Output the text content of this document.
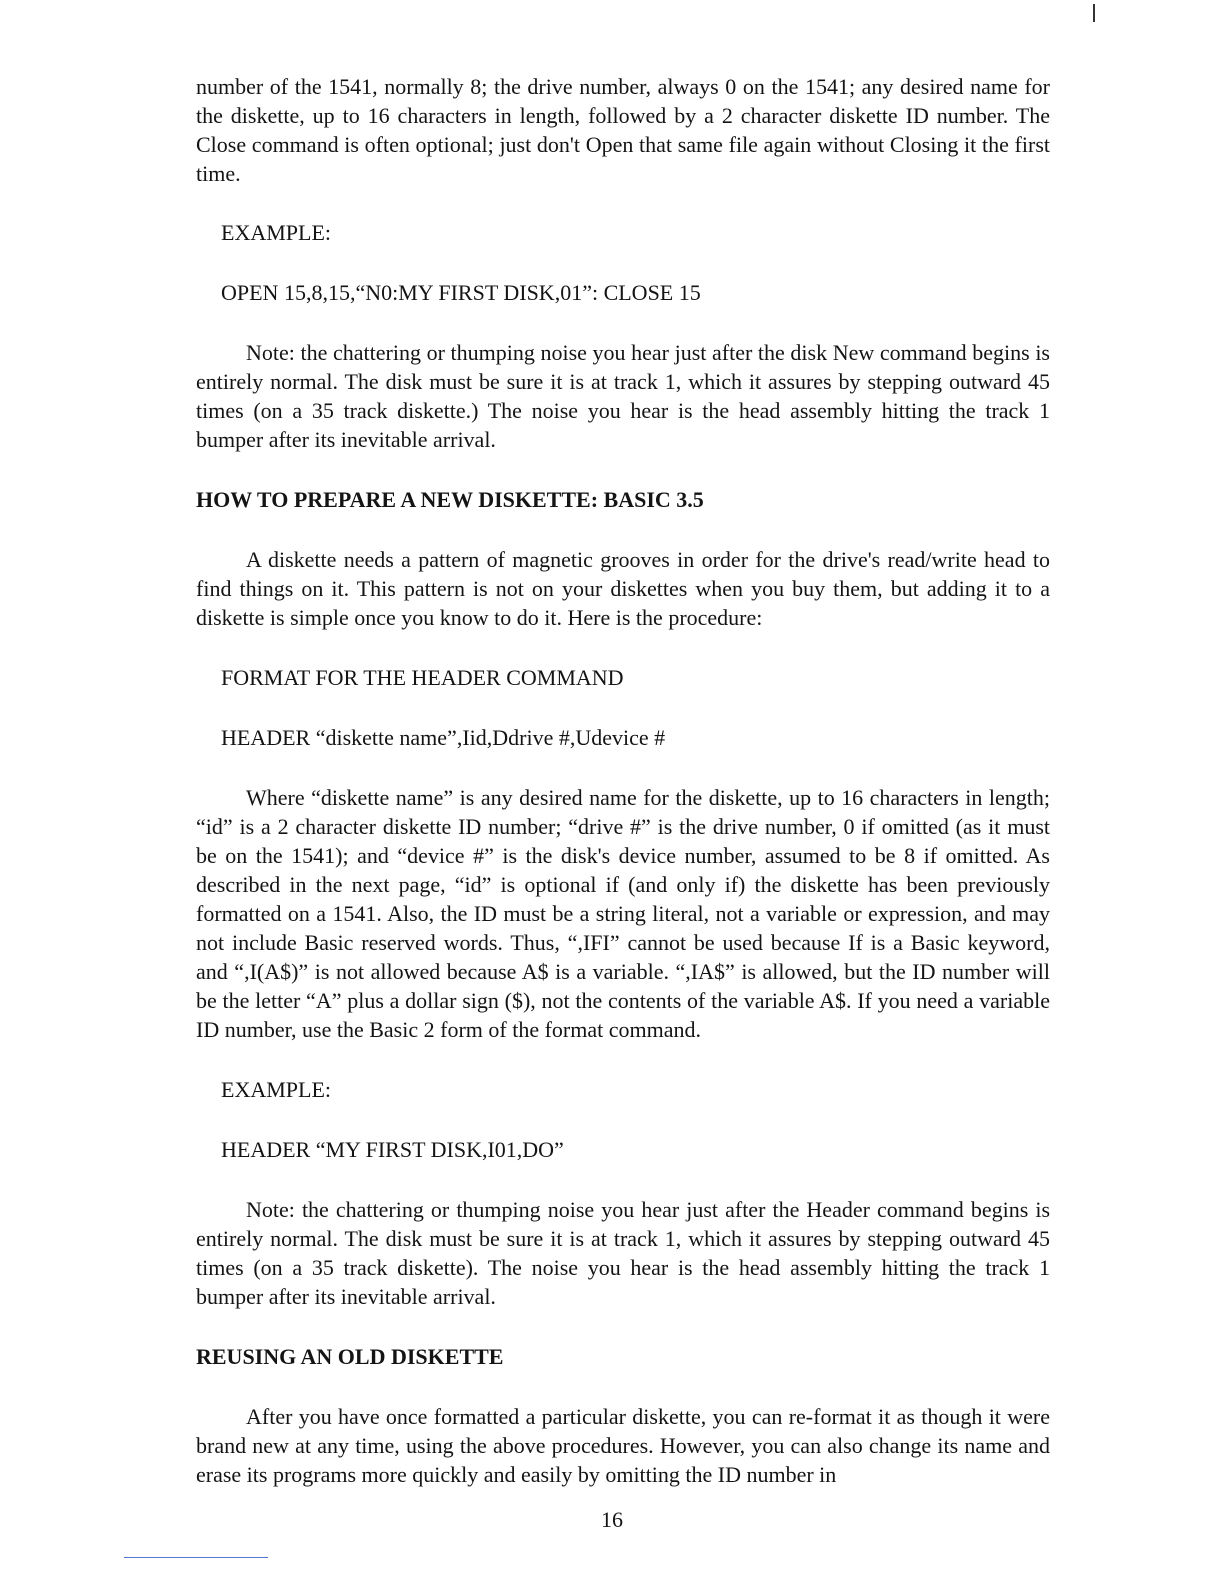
number of the 1541, normally 8; the drive number, always 0 on the 1541; any desired name for the diskette, up to 16 characters in length, followed by a 2 character diskette ID number. The Close command is often optional; just don't Open that same file again without Closing it the first time.

EXAMPLE:

OPEN 15,8,15,“N0:MY FIRST DISK,01”: CLOSE 15

Note: the chattering or thumping noise you hear just after the disk New command begins is entirely normal. The disk must be sure it is at track 1, which it assures by stepping outward 45 times (on a 35 track diskette.) The noise you hear is the head assembly hitting the track 1 bumper after its inevitable arrival.

HOW TO PREPARE A NEW DISKETTE: BASIC 3.5

A diskette needs a pattern of magnetic grooves in order for the drive's read/write head to find things on it. This pattern is not on your diskettes when you buy them, but adding it to a diskette is simple once you know to do it. Here is the procedure:

FORMAT FOR THE HEADER COMMAND

HEADER “diskette name”,Iid,Ddrive #,Udevice #

Where “diskette name” is any desired name for the diskette, up to 16 characters in length; “id” is a 2 character diskette ID number; “drive #” is the drive number, 0 if omitted (as it must be on the 1541); and “device #” is the disk's device number, assumed to be 8 if omitted. As described in the next page, “id” is optional if (and only if) the diskette has been previously formatted on a 1541. Also, the ID must be a string literal, not a variable or expression, and may not include Basic reserved words. Thus, “,IFI” cannot be used because If is a Basic keyword, and “,I(A$)” is not allowed because A$ is a variable. “,IA$” is allowed, but the ID number will be the letter “A” plus a dollar sign ($), not the contents of the variable A$. If you need a variable ID number, use the Basic 2 form of the format command.

EXAMPLE:

HEADER “MY FIRST DISK,I01,DO”

Note: the chattering or thumping noise you hear just after the Header command begins is entirely normal. The disk must be sure it is at track 1, which it assures by stepping outward 45 times (on a 35 track diskette). The noise you hear is the head assembly hitting the track 1 bumper after its inevitable arrival.

REUSING AN OLD DISKETTE

After you have once formatted a particular diskette, you can re-format it as though it were brand new at any time, using the above procedures. However, you can also change its name and erase its programs more quickly and easily by omitting the ID number in

16
